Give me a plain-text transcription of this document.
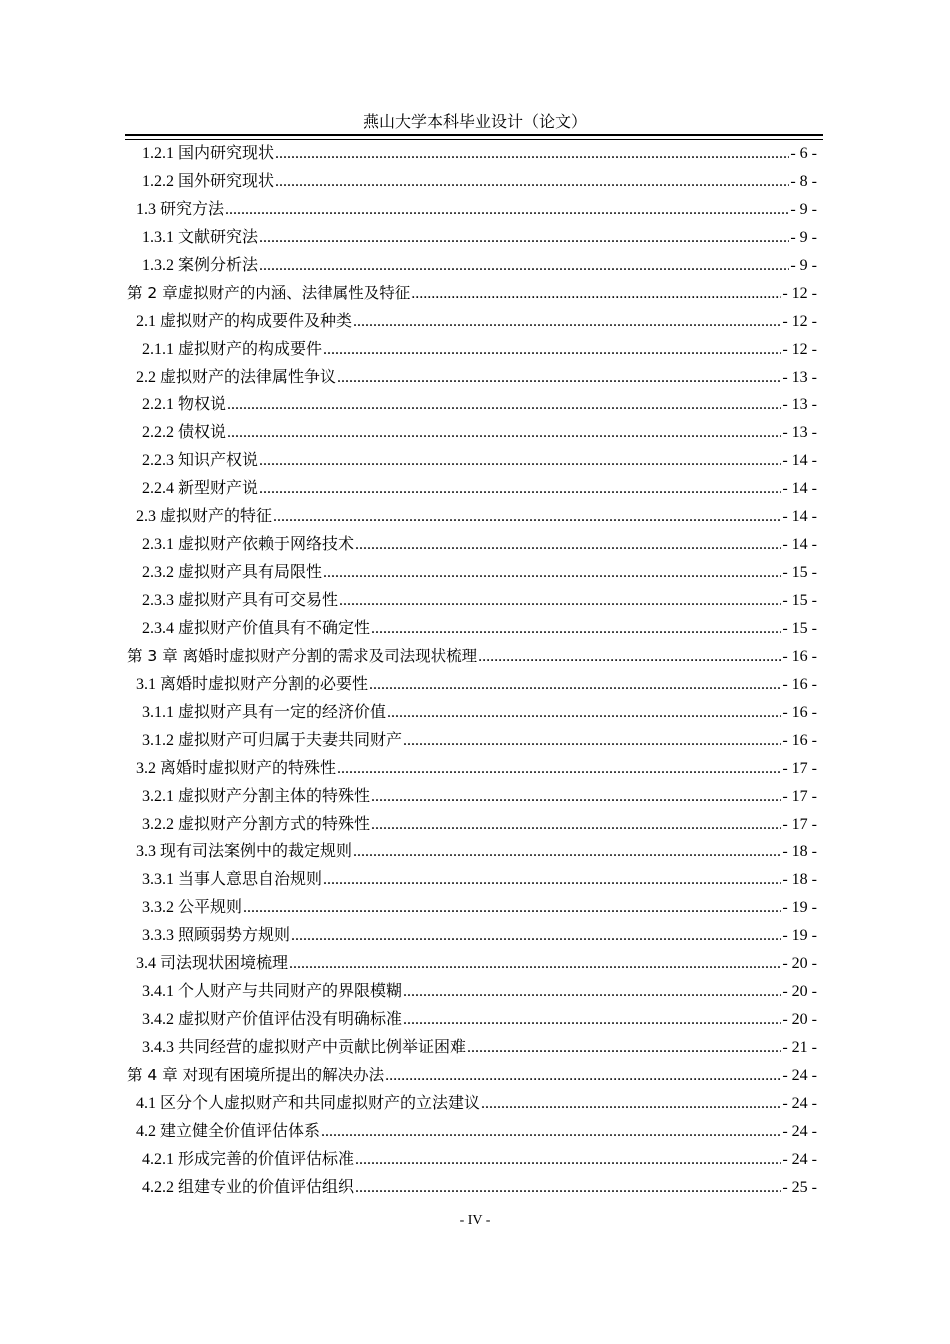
燕山大学本科毕业设计（论文）
1.2.1 国内研究现状 .....	- 6 -
1.2.2 国外研究现状 .....	- 8 -
1.3 研究方法 .....	- 9 -
1.3.1 文献研究法 .....	- 9 -
1.3.2 案例分析法 .....	- 9 -
第 2 章虚拟财产的内涵、法律属性及特征 .....	- 12 -
2.1 虚拟财产的构成要件及种类 .....	- 12 -
2.1.1 虚拟财产的构成要件 .....	- 12 -
2.2 虚拟财产的法律属性争议 .....	- 13 -
2.2.1 物权说 .....	- 13 -
2.2.2 债权说 .....	- 13 -
2.2.3 知识产权说 .....	- 14 -
2.2.4 新型财产说 .....	- 14 -
2.3 虚拟财产的特征 .....	- 14 -
2.3.1 虚拟财产依赖于网络技术 .....	- 14 -
2.3.2 虚拟财产具有局限性 .....	- 15 -
2.3.3 虚拟财产具有可交易性 .....	- 15 -
2.3.4 虚拟财产价值具有不确定性 .....	- 15 -
第 3 章 离婚时虚拟财产分割的需求及司法现状梳理 .....	- 16 -
3.1 离婚时虚拟财产分割的必要性 .....	- 16 -
3.1.1 虚拟财产具有一定的经济价值 .....	- 16 -
3.1.2 虚拟财产可归属于夫妻共同财产 .....	- 16 -
3.2 离婚时虚拟财产的特殊性 .....	- 17 -
3.2.1 虚拟财产分割主体的特殊性 .....	- 17 -
3.2.2 虚拟财产分割方式的特殊性 .....	- 17 -
3.3 现有司法案例中的裁定规则 .....	- 18 -
3.3.1 当事人意思自治规则 .....	- 18 -
3.3.2 公平规则 .....	- 19 -
3.3.3 照顾弱势方规则 .....	- 19 -
3.4 司法现状困境梳理 .....	- 20 -
3.4.1 个人财产与共同财产的界限模糊 .....	- 20 -
3.4.2 虚拟财产价值评估没有明确标准 .....	- 20 -
3.4.3 共同经营的虚拟财产中贡献比例举证困难 .....	- 21 -
第 4 章 对现有困境所提出的解决办法 .....	- 24 -
4.1 区分个人虚拟财产和共同虚拟财产的立法建议 .....	- 24 -
4.2 建立健全价值评估体系 .....	- 24 -
4.2.1 形成完善的价值评估标准 .....	- 24 -
4.2.2 组建专业的价值评估组织 .....	- 25 -
- IV -
